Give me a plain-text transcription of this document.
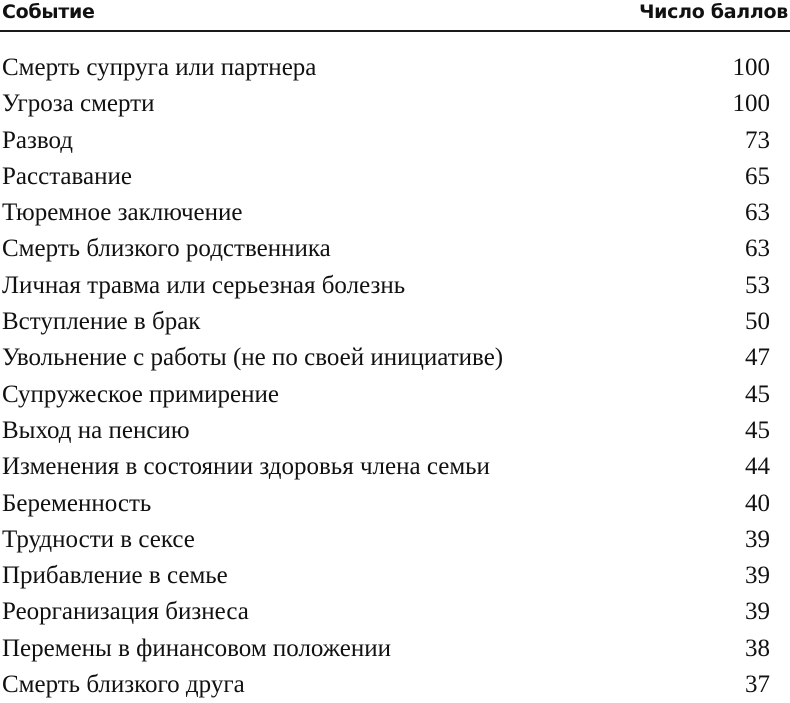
Событие	Число баллов
Смерть супруга или партнера	100
Угроза смерти	100
Развод	73
Расставание	65
Тюремное заключение	63
Смерть близкого родственника	63
Личная травма или серьезная болезнь	53
Вступление в брак	50
Увольнение с работы (не по своей инициативе)	47
Супружеское примирение	45
Выход на пенсию	45
Изменения в состоянии здоровья члена семьи	44
Беременность	40
Трудности в сексе	39
Прибавление в семье	39
Реорганизация бизнеса	39
Перемены в финансовом положении	38
Смерть близкого друга	37
